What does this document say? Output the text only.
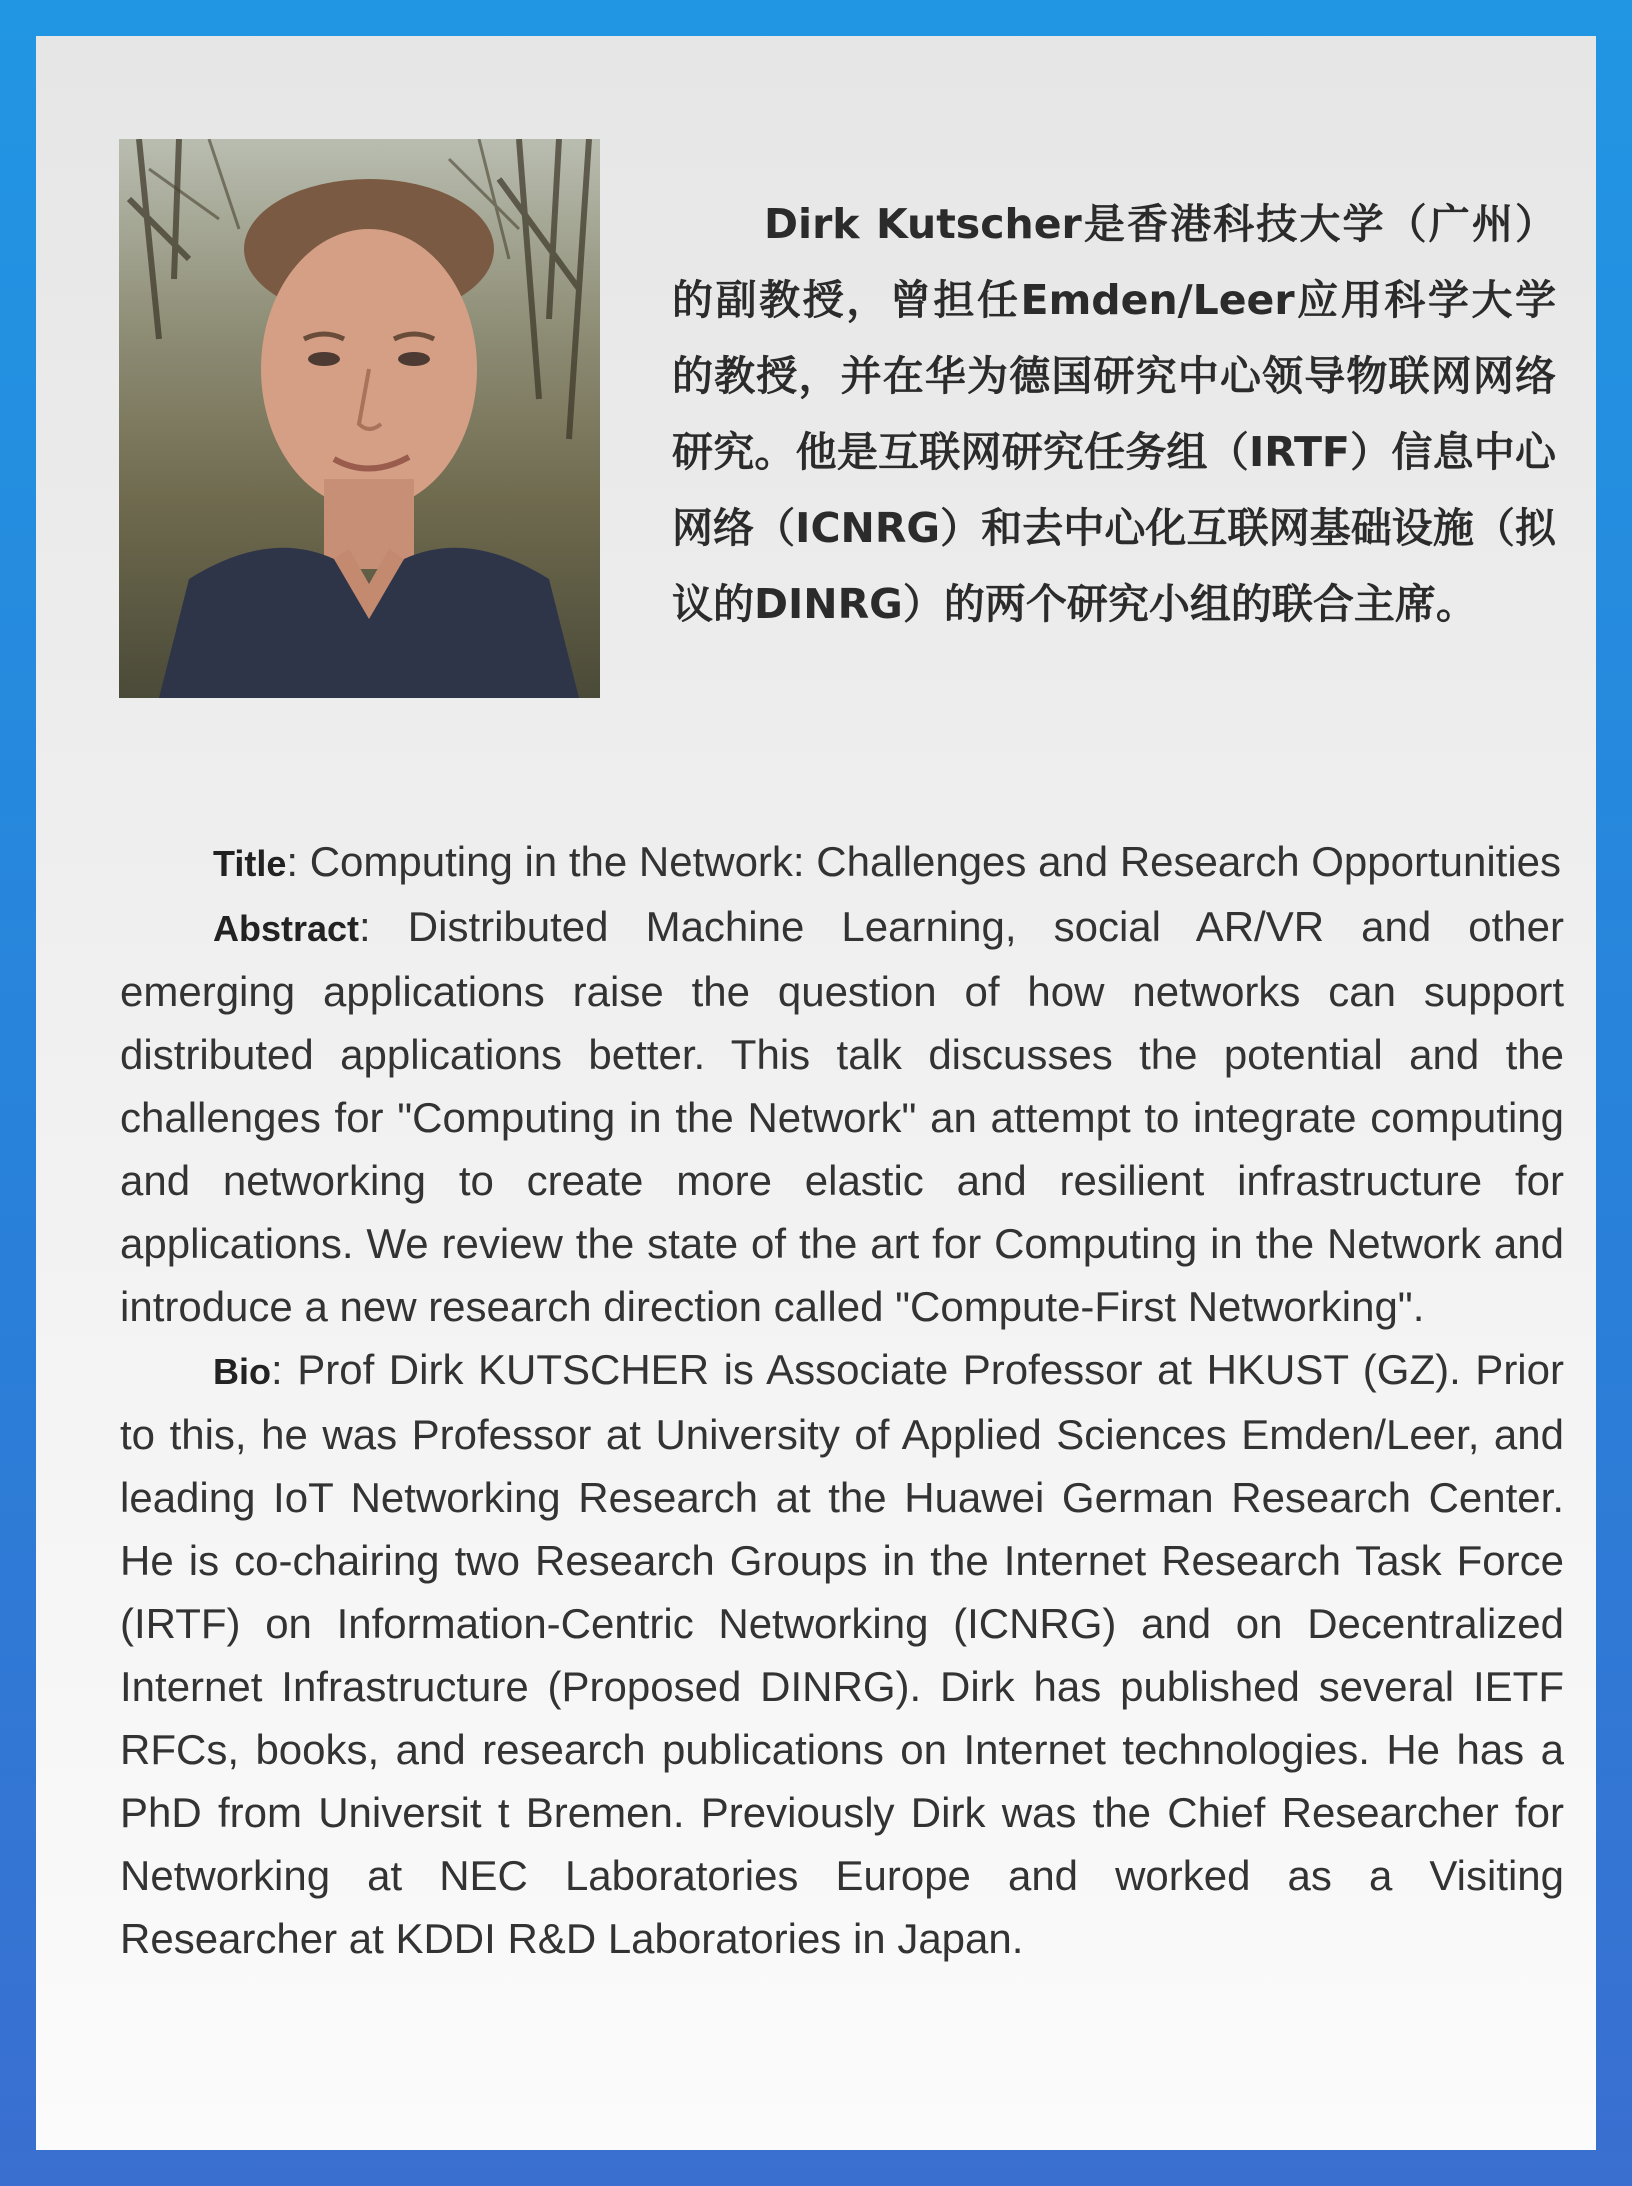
Dirk Kutscher是香港科技大学（广州）的副教授，曾担任Emden/Leer应用科学大学的教授，并在华为德国研究中心领导物联网网络研究。他是互联网研究任务组（IRTF）信息中心网络（ICNRG）和去中心化互联网基础设施（拟议的DINRG）的两个研究小组的联合主席。

Title: Computing in the Network: Challenges and Research Opportunities

Abstract: Distributed Machine Learning, social AR/VR and other emerging applications raise the question of how networks can support distributed applications better. This talk discusses the potential and the challenges for "Computing in the Network" an attempt to integrate computing and networking to create more elastic and resilient infrastructure for applications. We review the state of the art for Computing in the Network and introduce a new research direction called "Compute-First Networking".

Bio: Prof Dirk KUTSCHER is Associate Professor at HKUST (GZ). Prior to this, he was Professor at University of Applied Sciences Emden/Leer, and leading IoT Networking Research at the Huawei German Research Center. He is co-chairing two Research Groups in the Internet Research Task Force (IRTF) on Information-Centric Networking (ICNRG) and on Decentralized Internet Infrastructure (Proposed DINRG). Dirk has published several IETF RFCs, books, and research publications on Internet technologies. He has a PhD from Universit t Bremen. Previously Dirk was the Chief Researcher for Networking at NEC Laboratories Europe and worked as a Visiting Researcher at KDDI R&D Laboratories in Japan.
